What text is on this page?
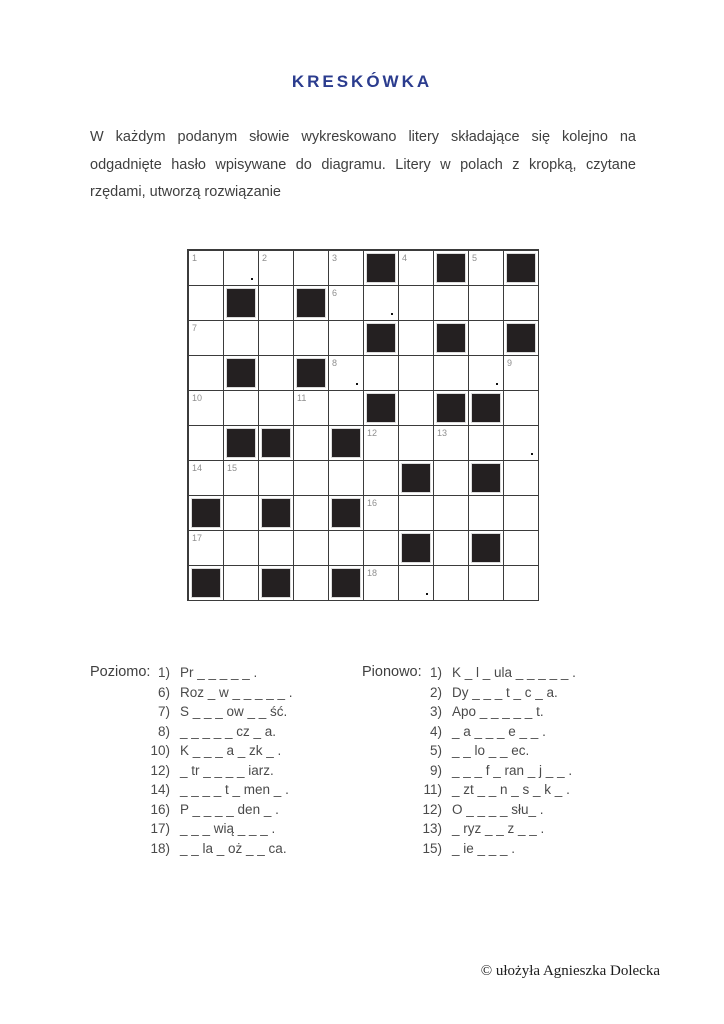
KRESKÓWKA
W każdym podanym słowie wykreskowano litery składające się kolejno na odgadnięte hasło wpisywane do diagramu. Litery w polach z kropką, czytane rzędami, utworzą rozwiązanie
1	2	3	4	5
6
7
8	9
10	11
12	13
14	15
16
17
18
Poziomo: 1) Pr _ _ _ _ _ .
6) Roz _ w _ _ _ _ _ .
7) S _ _ _ ow _ _ ść.
8) _ _ _ _ _ cz _ a.
10) K _ _ _ a _ zk _ .
12) _ tr _ _ _ _ iarz.
14) _ _ _ _ t _ men _ .
16) P _ _ _ _ den _ .
17) _ _ _ wią _ _ _ .
18) _ _ la _ oż _ _ ca.
Pionowo: 1) K _ l _ ula _ _ _ _ _ .
2) Dy _ _ _ t _ c _ a.
3) Apo _ _ _ _ _ t.
4) _ a _ _ _ e _ _ .
5) _ _ lo _ _ ec.
9) _ _ _ f _ ran _ j _ _ .
11) _ zt _ _ n _ s _ k _ .
12) O _ _ _ _ słu_ .
13) _ ryz _ _ z _ _ .
15) _ ie _ _ _ .
© ułożyła Agnieszka Dolecka
